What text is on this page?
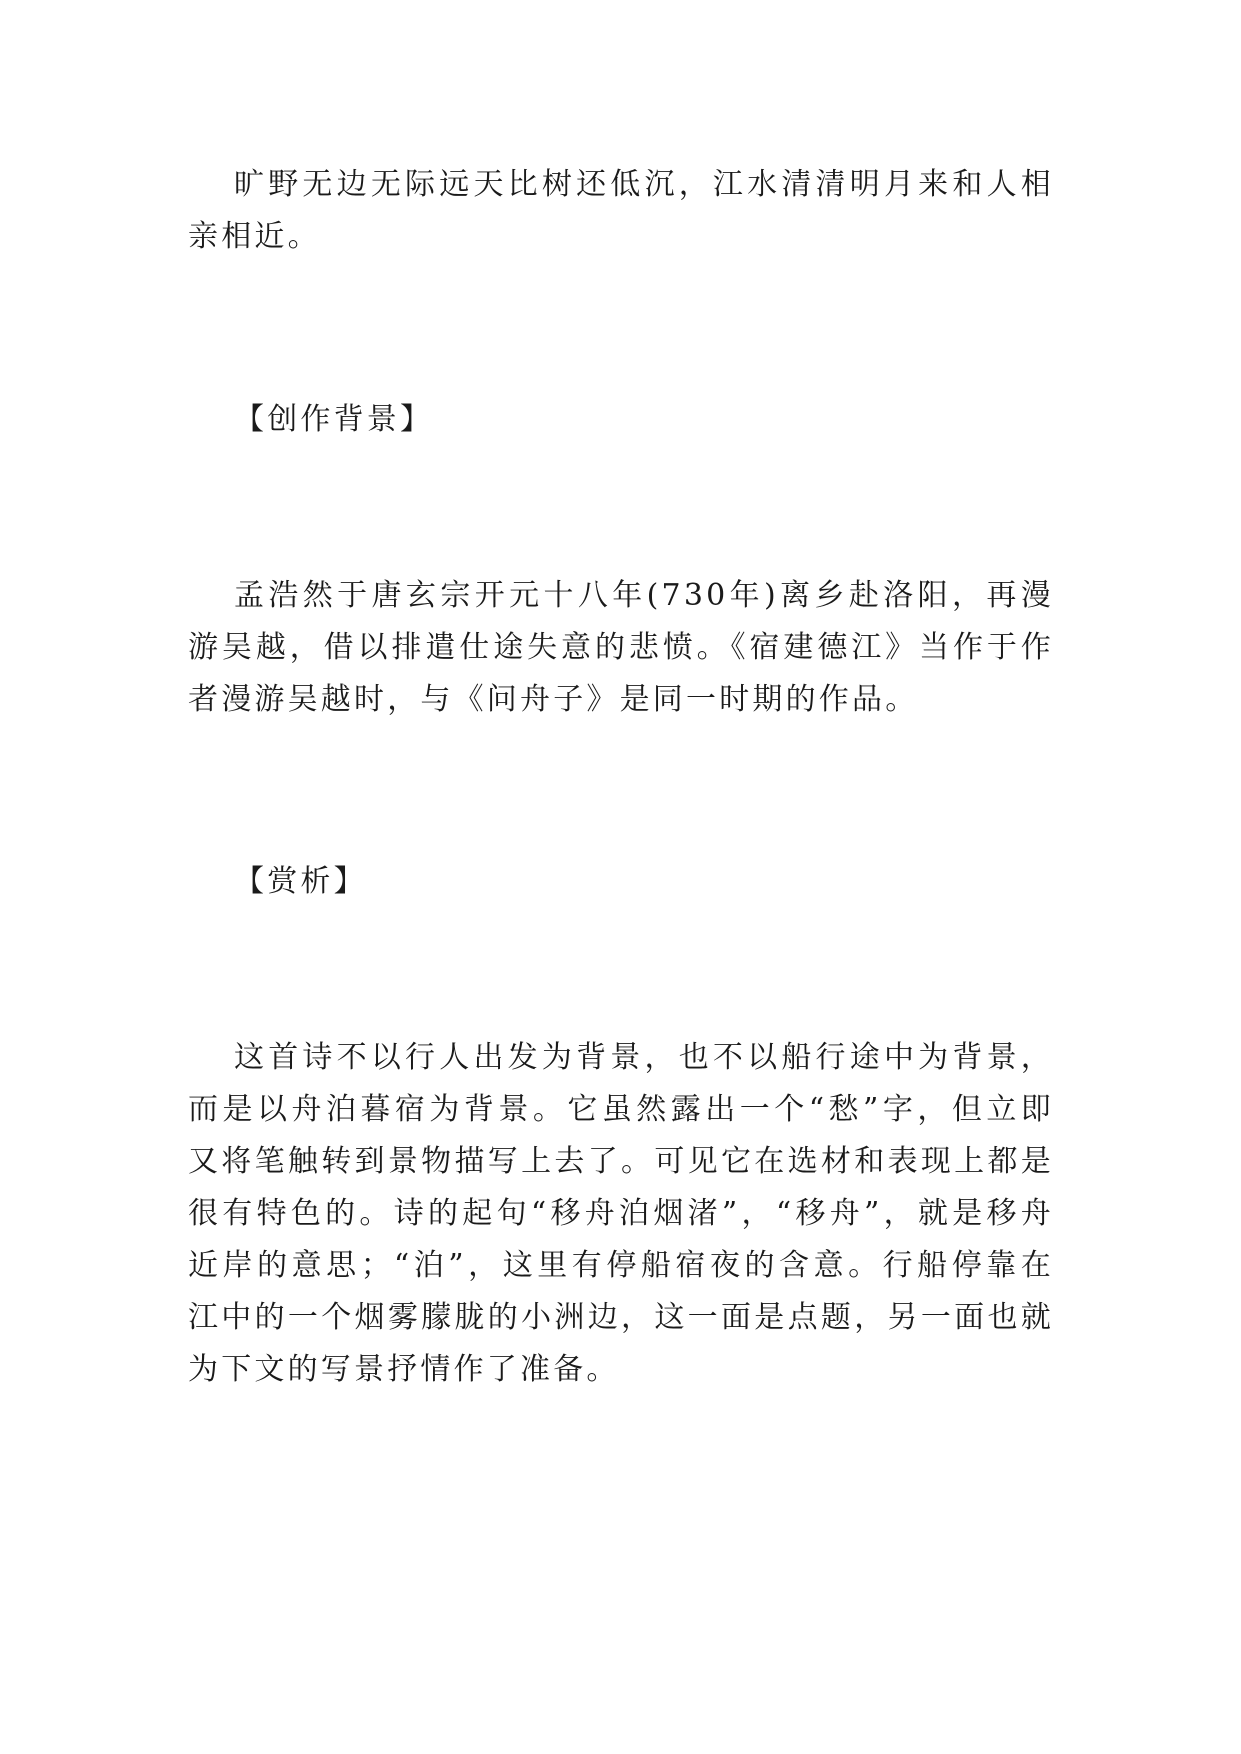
旷野无边无际远天比树还低沉，江水清清明月来和人相亲相近。

【创作背景】

孟浩然于唐玄宗开元十八年(730年)离乡赴洛阳，再漫游吴越，借以排遣仕途失意的悲愤。《宿建德江》当作于作者漫游吴越时，与《问舟子》是同一时期的作品。

【赏析】

这首诗不以行人出发为背景，也不以船行途中为背景，而是以舟泊暮宿为背景。它虽然露出一个“愁”字，但立即又将笔触转到景物描写上去了。可见它在选材和表现上都是很有特色的。诗的起句“移舟泊烟渚”，“移舟”，就是移舟近岸的意思；“泊”，这里有停船宿夜的含意。行船停靠在江中的一个烟雾朦胧的小洲边，这一面是点题，另一面也就为下文的写景抒情作了准备。
